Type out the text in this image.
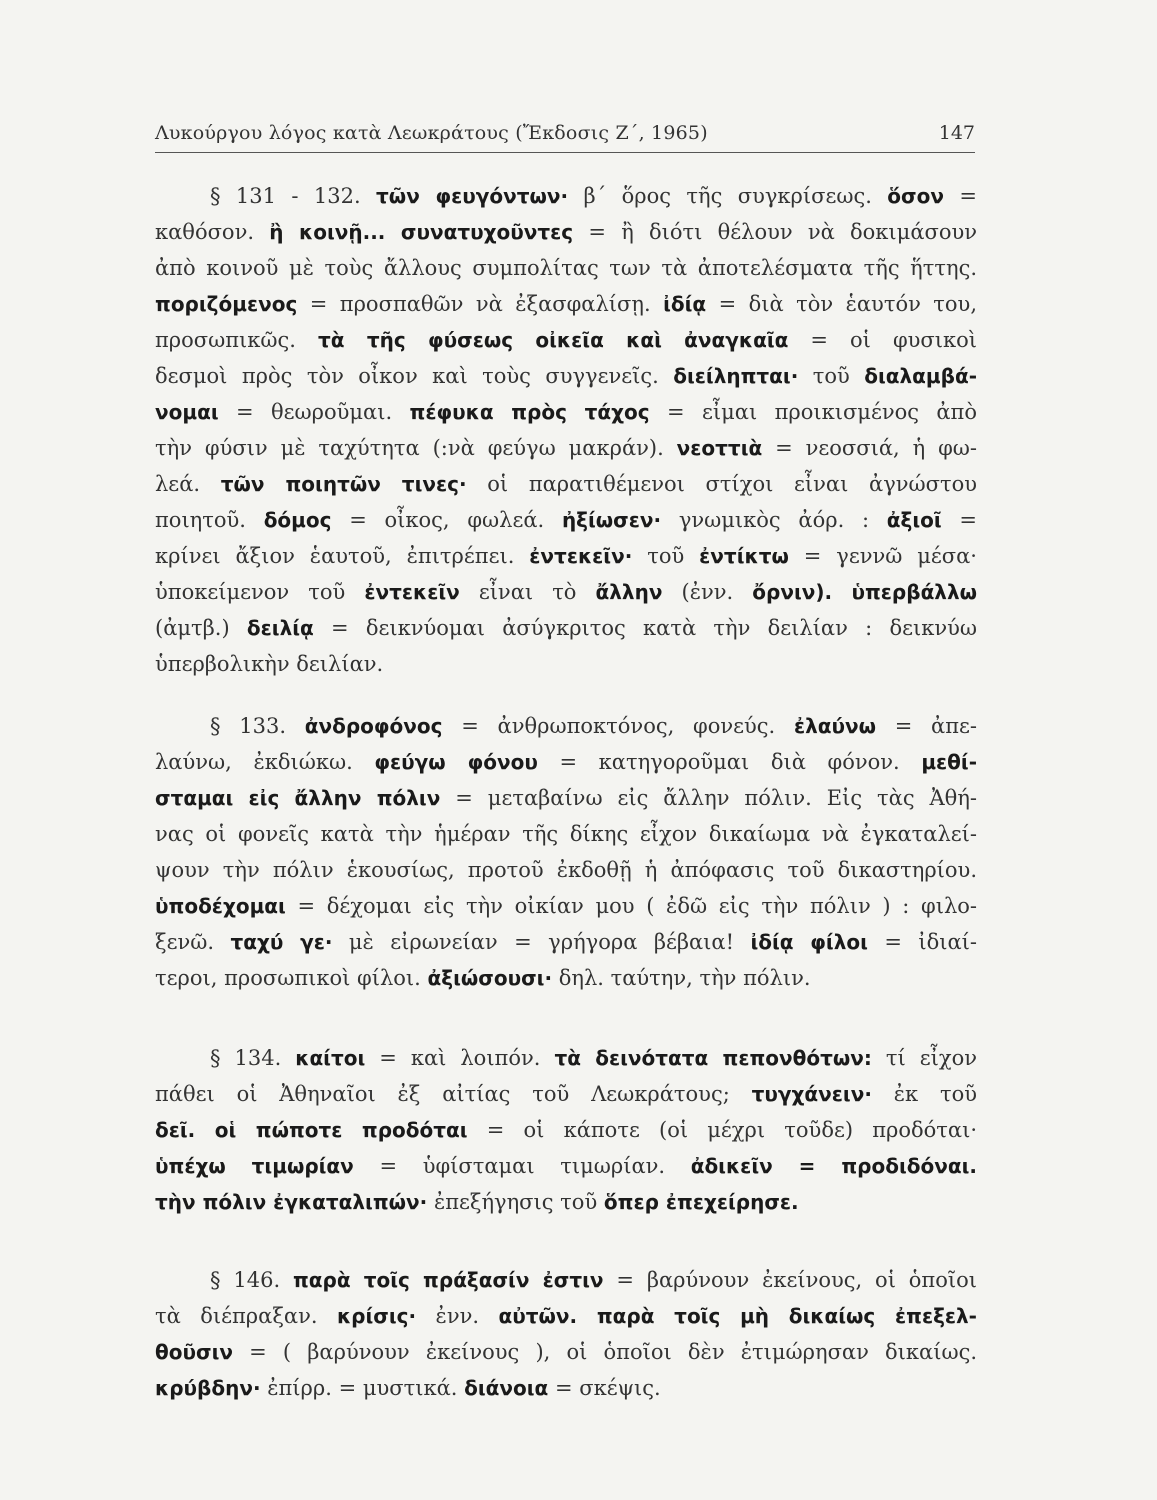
Λυκούργου λόγος κατὰ Λεωκράτους (Ἔκδοσις Ζ΄, 1965)	147
§ 131 - 132. τῶν φευγόντων· β΄ ὅρος τῆς συγκρίσεως. ὅσον =
καθόσον. ἢ κοινῇ... συνατυχοῦντες = ἢ διότι θέλουν νὰ δοκιμάσουν
ἀπὸ κοινοῦ μὲ τοὺς ἄλλους συμπολίτας των τὰ ἀποτελέσματα τῆς ἥττης.
ποριζόμενος = προσπαθῶν νὰ ἐξασφαλίσῃ. ἰδίᾳ = διὰ τὸν ἑαυτόν του,
προσωπικῶς. τὰ τῆς φύσεως οἰκεῖα καὶ ἀναγκαῖα = οἱ φυσικοὶ
δεσμοὶ πρὸς τὸν οἶκον καὶ τοὺς συγγενεῖς. διείληπται· τοῦ διαλαμβά-
νομαι = θεωροῦμαι. πέφυκα πρὸς τάχος = εἶμαι προικισμένος ἀπὸ
τὴν φύσιν μὲ ταχύτητα (:νὰ φεύγω μακράν). νεοττιὰ = νεοσσιά, ἡ φω-
λεά. τῶν ποιητῶν τινες· οἱ παρατιθέμενοι στίχοι εἶναι ἀγνώστου
ποιητοῦ. δόμος = οἶκος, φωλεά. ἠξίωσεν· γνωμικὸς ἀόρ. : ἀξιοῖ =
κρίνει ἄξιον ἑαυτοῦ, ἐπιτρέπει. ἐντεκεῖν· τοῦ ἐντίκτω = γεννῶ μέσα·
ὑποκείμενον τοῦ ἐντεκεῖν εἶναι τὸ ἄλλην (ἐνν. ὄρνιν). ὑπερβάλλω
(ἀμτβ.) δειλίᾳ = δεικνύομαι ἀσύγκριτος κατὰ τὴν δειλίαν : δεικνύω
ὑπερβολικὴν δειλίαν.
§ 133. ἀνδροφόνος = ἀνθρωποκτόνος, φονεύς. ἐλαύνω = ἀπε-
λαύνω, ἐκδιώκω. φεύγω φόνου = κατηγοροῦμαι διὰ φόνον. μεθί-
σταμαι εἰς ἄλλην πόλιν = μεταβαίνω εἰς ἄλλην πόλιν. Εἰς τὰς Ἀθή-
νας οἱ φονεῖς κατὰ τὴν ἡμέραν τῆς δίκης εἶχον δικαίωμα νὰ ἐγκαταλεί-
ψουν τὴν πόλιν ἑκουσίως, προτοῦ ἐκδοθῇ ἡ ἀπόφασις τοῦ δικαστηρίου.
ὑποδέχομαι = δέχομαι εἰς τὴν οἰκίαν μου ( ἐδῶ εἰς τὴν πόλιν ) : φιλο-
ξενῶ. ταχύ γε· μὲ εἰρωνείαν = γρήγορα βέβαια! ἰδίᾳ φίλοι = ἰδιαί-
τεροι, προσωπικοὶ φίλοι. ἀξιώσουσι· δηλ. ταύτην, τὴν πόλιν.
§ 134. καίτοι = καὶ λοιπόν. τὰ δεινότατα πεπονθότων: τί εἶχον
πάθει οἱ Ἀθηναῖοι ἐξ αἰτίας τοῦ Λεωκράτους; τυγχάνειν· ἐκ τοῦ
δεῖ. οἱ πώποτε προδόται = οἱ κάποτε (οἱ μέχρι τοῦδε) προδόται·
ὑπέχω τιμωρίαν = ὑφίσταμαι τιμωρίαν. ἀδικεῖν = προδιδόναι.
τὴν πόλιν ἐγκαταλιπών· ἐπεξήγησις τοῦ ὅπερ ἐπεχείρησε.
§ 146. παρὰ τοῖς πράξασίν ἐστιν = βαρύνουν ἐκείνους, οἱ ὁποῖοι
τὰ διέπραξαν. κρίσις· ἐνν. αὐτῶν. παρὰ τοῖς μὴ δικαίως ἐπεξελ-
θοῦσιν = ( βαρύνουν ἐκείνους ), οἱ ὁποῖοι δὲν ἐτιμώρησαν δικαίως.
κρύβδην· ἐπίρρ. = μυστικά. διάνοια = σκέψις.
